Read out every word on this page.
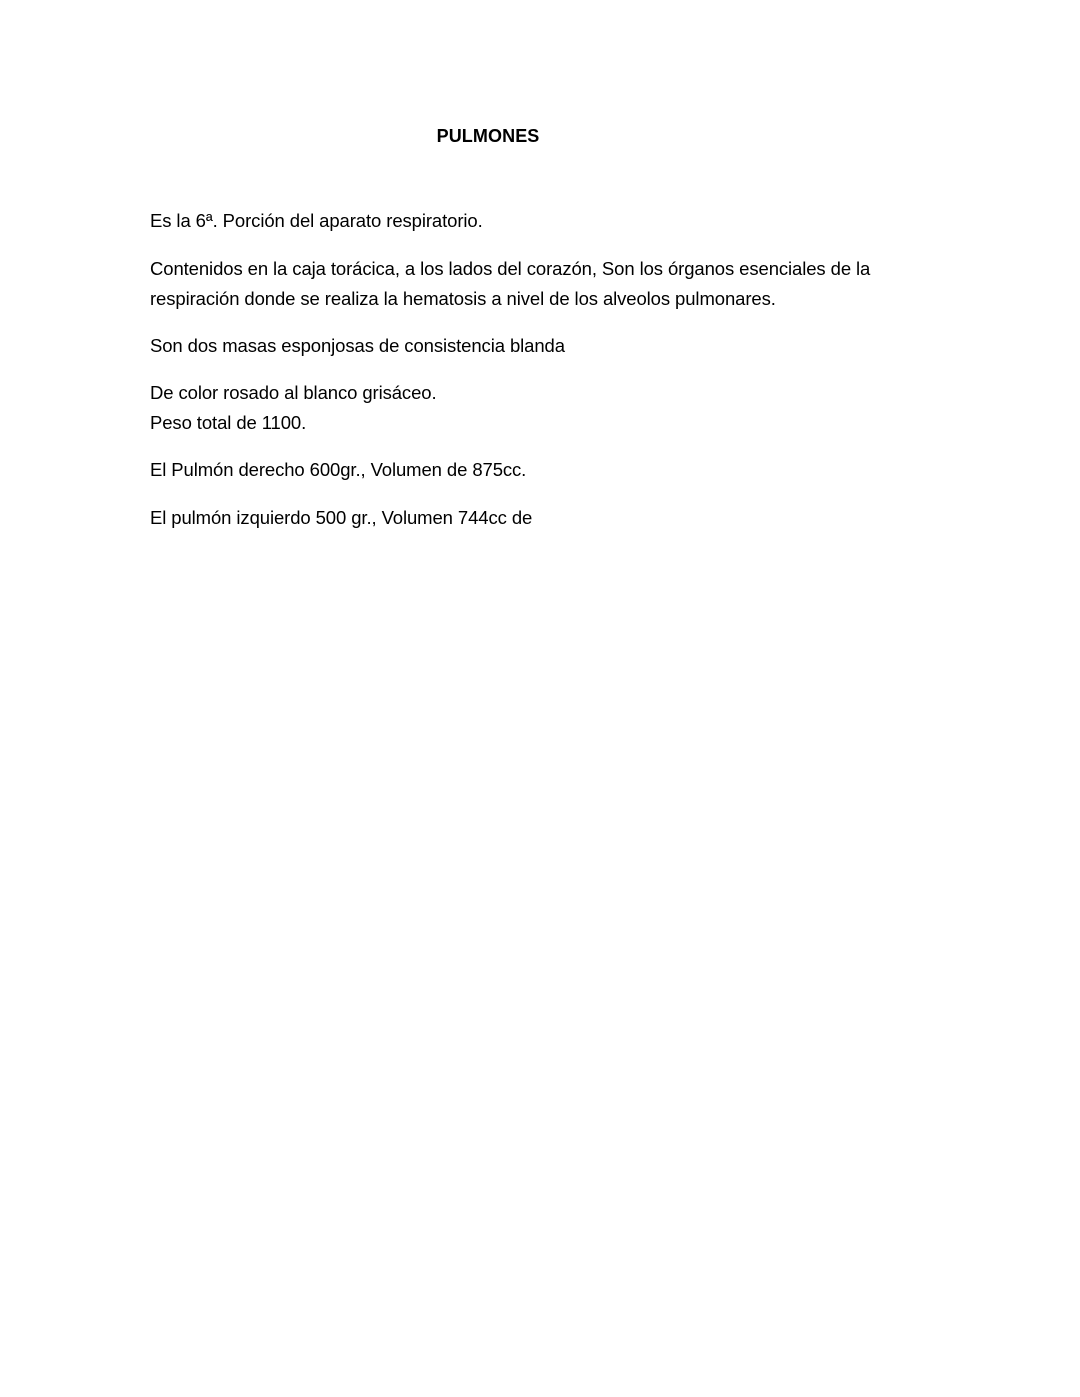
PULMONES
Es la 6ª. Porción del aparato respiratorio.
Contenidos en la caja torácica, a los lados del corazón, Son los órganos esenciales de la
respiración donde se realiza la hematosis a nivel de los alveolos pulmonares.
Son dos masas esponjosas de consistencia blanda
De color rosado al blanco grisáceo.
Peso total de 1100.
El Pulmón derecho 600gr., Volumen de 875cc.
El pulmón izquierdo 500 gr., Volumen 744cc de
